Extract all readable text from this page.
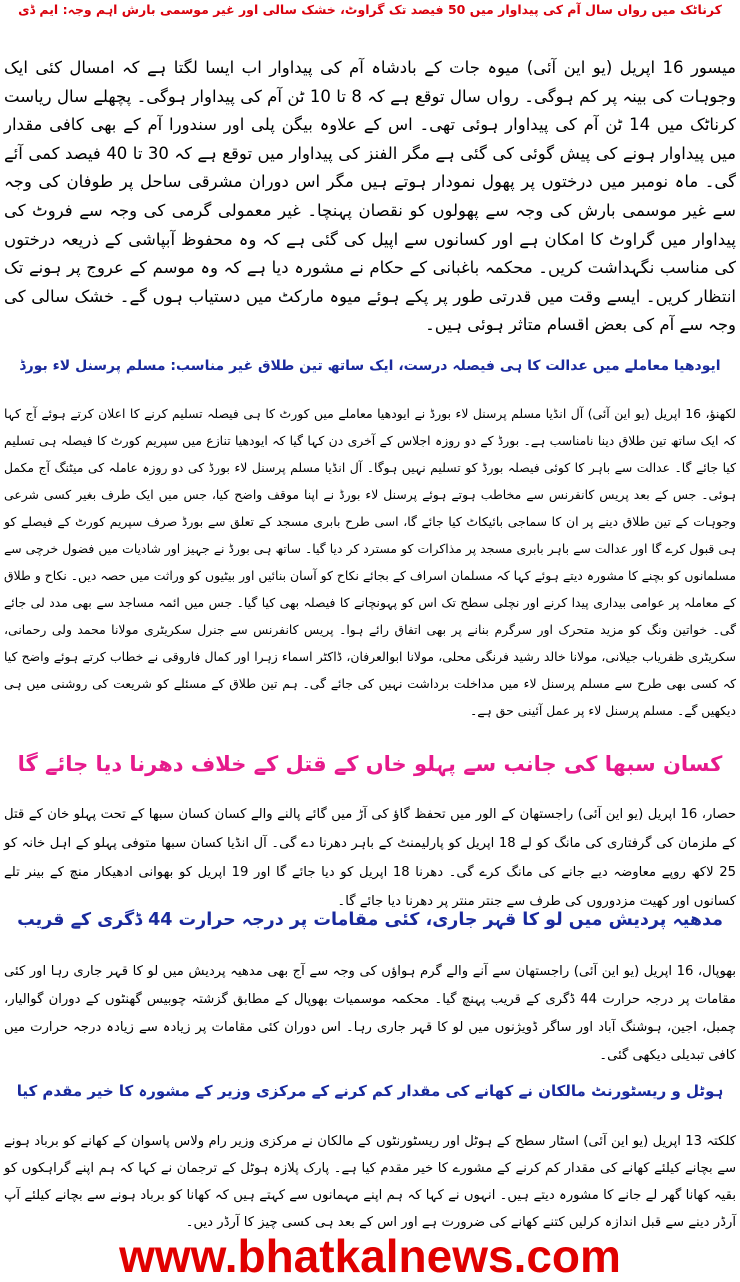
کرناٹک میں رواں سال آم کی پیداوار میں 50 فیصد تک گراوٹ، خشک سالی اور غیر موسمی بارش اہم وجہ: ایم ڈی

میسور 16 اپریل (یو این آئی) میوہ جات کے بادشاہ آم کی پیداوار اب ایسا لگتا ہے کہ امسال کئی ایک وجوہات کی بینہ پر کم ہوگی۔ رواں سال توقع ہے کہ 8 تا 10 ٹن آم کی پیداوار ہوگی۔ پچھلے سال ریاست کرناٹک میں 14 ٹن آم کی پیداوار ہوئی تھی۔ اس کے علاوہ بیگن پلی اور سندورا آم کے بھی کافی مقدار میں پیداوار ہونے کی پیش گوئی کی گئی ہے مگر الفنز کی پیداوار میں توقع ہے کہ 30 تا 40 فیصد کمی آئے گی۔ ماہ نومبر میں درختوں پر پھول نمودار ہوتے ہیں مگر اس دوران مشرقی ساحل پر طوفان کی وجہ سے غیر موسمی بارش کی وجہ سے پھولوں کو نقصان پہنچا۔ غیر معمولی گرمی کی وجہ سے فروٹ کی پیداوار میں گراوٹ کا امکان ہے اور کسانوں سے اپیل کی گئی ہے کہ وہ محفوظ آبپاشی کے ذریعہ درختوں کی مناسب نگہداشت کریں۔ محکمہ باغبانی کے حکام نے مشورہ دیا ہے کہ وہ موسم کے عروج پر ہونے تک انتظار کریں۔ ایسے وقت میں قدرتی طور پر پکے ہوئے میوہ مارکٹ میں دستیاب ہوں گے۔ خشک سالی کی وجہ سے آم کی بعض اقسام متاثر ہوئی ہیں۔

ایودھیا معاملے میں عدالت کا ہی فیصلہ درست، ایک ساتھ تین طلاق غیر مناسب: مسلم پرسنل لاء بورڈ

لکھنؤ، 16 اپریل (یو این آئی) آل انڈیا مسلم پرسنل لاء بورڈ نے ایودھیا معاملے میں کورٹ کا ہی فیصلہ تسلیم کرنے کا اعلان کرتے ہوئے آج کہا کہ ایک ساتھ تین طلاق دینا نامناسب ہے۔ بورڈ کے دو روزہ اجلاس کے آخری دن کہا گیا کہ ایودھیا تنازع میں سپریم کورٹ کا فیصلہ ہی تسلیم کیا جائے گا۔ عدالت سے باہر کا کوئی فیصلہ بورڈ کو تسلیم نہیں ہوگا۔ آل انڈیا مسلم پرسنل لاء بورڈ کی دو روزہ عاملہ کی میٹنگ آج مکمل ہوئی۔ جس کے بعد پریس کانفرنس سے مخاطب ہوتے ہوئے پرسنل لاء بورڈ نے اپنا موقف واضح کیا، جس میں ایک طرف بغیر کسی شرعی وجوہات کے تین طلاق دینے پر ان کا سماجی بائیکاٹ کیا جائے گا، اسی طرح بابری مسجد کے تعلق سے بورڈ صرف سپریم کورٹ کے فیصلے کو ہی قبول کرے گا اور عدالت سے باہر بابری مسجد پر مذاکرات کو مسترد کر دیا گیا۔ ساتھ ہی بورڈ نے جہیز اور شادیات میں فضول خرچی سے مسلمانوں کو بچنے کا مشورہ دیتے ہوئے کہا کہ مسلمان اسراف کے بجائے نکاح کو آسان بنائیں اور بیٹیوں کو وراثت میں حصہ دیں۔ نکاح و طلاق کے معاملہ پر عوامی بیداری پیدا کرنے اور نچلی سطح تک اس کو پہونچانے کا فیصلہ بھی کیا گیا۔ جس میں ائمہ مساجد سے بھی مدد لی جائے گی۔ خواتین ونگ کو مزید متحرک اور سرگرم بنانے پر بھی اتفاق رائے ہوا۔ پریس کانفرنس سے جنرل سکریٹری مولانا محمد ولی رحمانی، سکریٹری ظفریاب جیلانی، مولانا خالد رشید فرنگی محلی، مولانا ابوالعرفان، ڈاکٹر اسماء زہرا اور کمال فاروقی نے خطاب کرتے ہوئے واضح کیا کہ کسی بھی طرح سے مسلم پرسنل لاء میں مداخلت برداشت نہیں کی جائے گی۔ ہم تین طلاق کے مسئلے کو شریعت کی روشنی میں ہی دیکھیں گے۔ مسلم پرسنل لاء پر عمل آئینی حق ہے۔

کسان سبھا کی جانب سے پہلو خاں کے قتل کے خلاف دھرنا دیا جائے گا

حصار، 16 اپریل (یو این آئی) راجستھان کے الور میں تحفظ گاؤ کی آڑ میں گائے پالنے والے کسان کسان سبھا کے تحت پہلو خان کے قتل کے ملزمان کی گرفتاری کی مانگ کو لے 18 اپریل کو پارلیمنٹ کے باہر دھرنا دے گی۔ آل انڈیا کسان سبھا متوفی پہلو کے اہل خانہ کو 25 لاکھ روپے معاوضہ دیے جانے کی مانگ کرے گی۔ دھرنا 18 اپریل کو دیا جائے گا اور 19 اپریل کو بھوانی ادھیکار منچ کے بینر تلے کسانوں اور کھیت مزدوروں کی طرف سے جنتر منتر پر دھرنا دیا جائے گا۔

مدھیہ پردیش میں لو کا قہر جاری، کئی مقامات پر درجہ حرارت 44 ڈگری کے قریب

بھوپال، 16 اپریل (یو این آئی) راجستھان سے آنے والے گرم ہواؤں کی وجہ سے آج بھی مدھیہ پردیش میں لو کا قہر جاری رہا اور کئی مقامات پر درجہ حرارت 44 ڈگری کے قریب پہنچ گیا۔ محکمہ موسمیات بھوپال کے مطابق گزشتہ چوبیس گھنٹوں کے دوران گوالیار، چمبل، اجین، ہوشنگ آباد اور ساگر ڈویژنوں میں لو کا قہر جاری رہا۔ اس دوران کئی مقامات پر زیادہ سے زیادہ درجہ حرارت میں کافی تبدیلی دیکھی گئی۔

ہوٹل و ریسٹورنٹ مالکان نے کھانے کی مقدار کم کرنے کے مرکزی وزیر کے مشورہ کا خیر مقدم کیا

کلکتہ 13 اپریل (یو این آئی) اسٹار سطح کے ہوٹل اور ریسٹورنٹوں کے مالکان نے مرکزی وزیر رام ولاس پاسوان کے کھانے کو برباد ہونے سے بچانے کیلئے کھانے کی مقدار کم کرنے کے مشورے کا خیر مقدم کیا ہے۔ پارک پلازہ ہوٹل کے ترجمان نے کہا کہ ہم اپنے گراہکوں کو بقیہ کھانا گھر لے جانے کا مشورہ دیتے ہیں۔ انہوں نے کہا کہ ہم اپنے مہمانوں سے کہتے ہیں کہ کھانا کو برباد ہونے سے بچانے کیلئے آپ آرڈر دینے سے قبل اندازہ کرلیں کتنے کھانے کی ضرورت ہے اور اس کے بعد ہی کسی چیز کا آرڈر دیں۔

www.bhatkalnews.com
